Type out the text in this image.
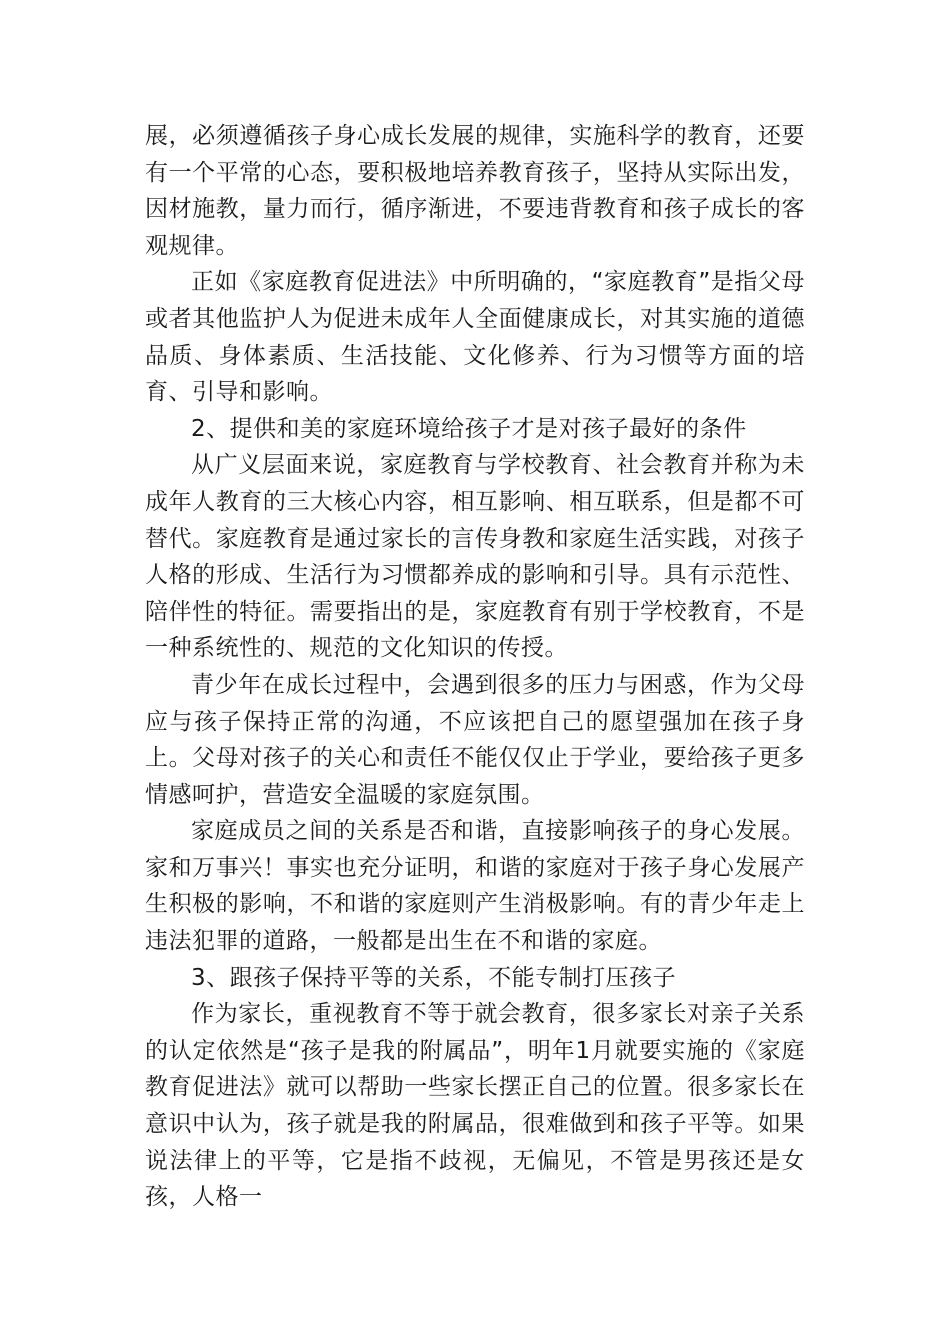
展，必须遵循孩子身心成长发展的规律，实施科学的教育，还要有一个平常的心态，要积极地培养教育孩子，坚持从实际出发，因材施教，量力而行，循序渐进，不要违背教育和孩子成长的客观规律。

正如《家庭教育促进法》中所明确的，“家庭教育”是指父母或者其他监护人为促进未成年人全面健康成长，对其实施的道德品质、身体素质、生活技能、文化修养、行为习惯等方面的培育、引导和影响。

2、提供和美的家庭环境给孩子才是对孩子最好的条件

从广义层面来说，家庭教育与学校教育、社会教育并称为未成年人教育的三大核心内容，相互影响、相互联系，但是都不可替代。家庭教育是通过家长的言传身教和家庭生活实践，对孩子人格的形成、生活行为习惯都养成的影响和引导。具有示范性、陪伴性的特征。需要指出的是，家庭教育有别于学校教育，不是一种系统性的、规范的文化知识的传授。

青少年在成长过程中，会遇到很多的压力与困惑，作为父母应与孩子保持正常的沟通，不应该把自己的愿望强加在孩子身上。父母对孩子的关心和责任不能仅仅止于学业，要给孩子更多情感呵护，营造安全温暖的家庭氛围。

家庭成员之间的关系是否和谐，直接影响孩子的身心发展。家和万事兴！事实也充分证明，和谐的家庭对于孩子身心发展产生积极的影响，不和谐的家庭则产生消极影响。有的青少年走上违法犯罪的道路，一般都是出生在不和谐的家庭。

3、跟孩子保持平等的关系，不能专制打压孩子

作为家长，重视教育不等于就会教育，很多家长对亲子关系的认定依然是“孩子是我的附属品”，明年1月就要实施的《家庭教育促进法》就可以帮助一些家长摆正自己的位置。很多家长在意识中认为，孩子就是我的附属品，很难做到和孩子平等。如果说法律上的平等，它是指不歧视，无偏见，不管是男孩还是女孩，人格一
